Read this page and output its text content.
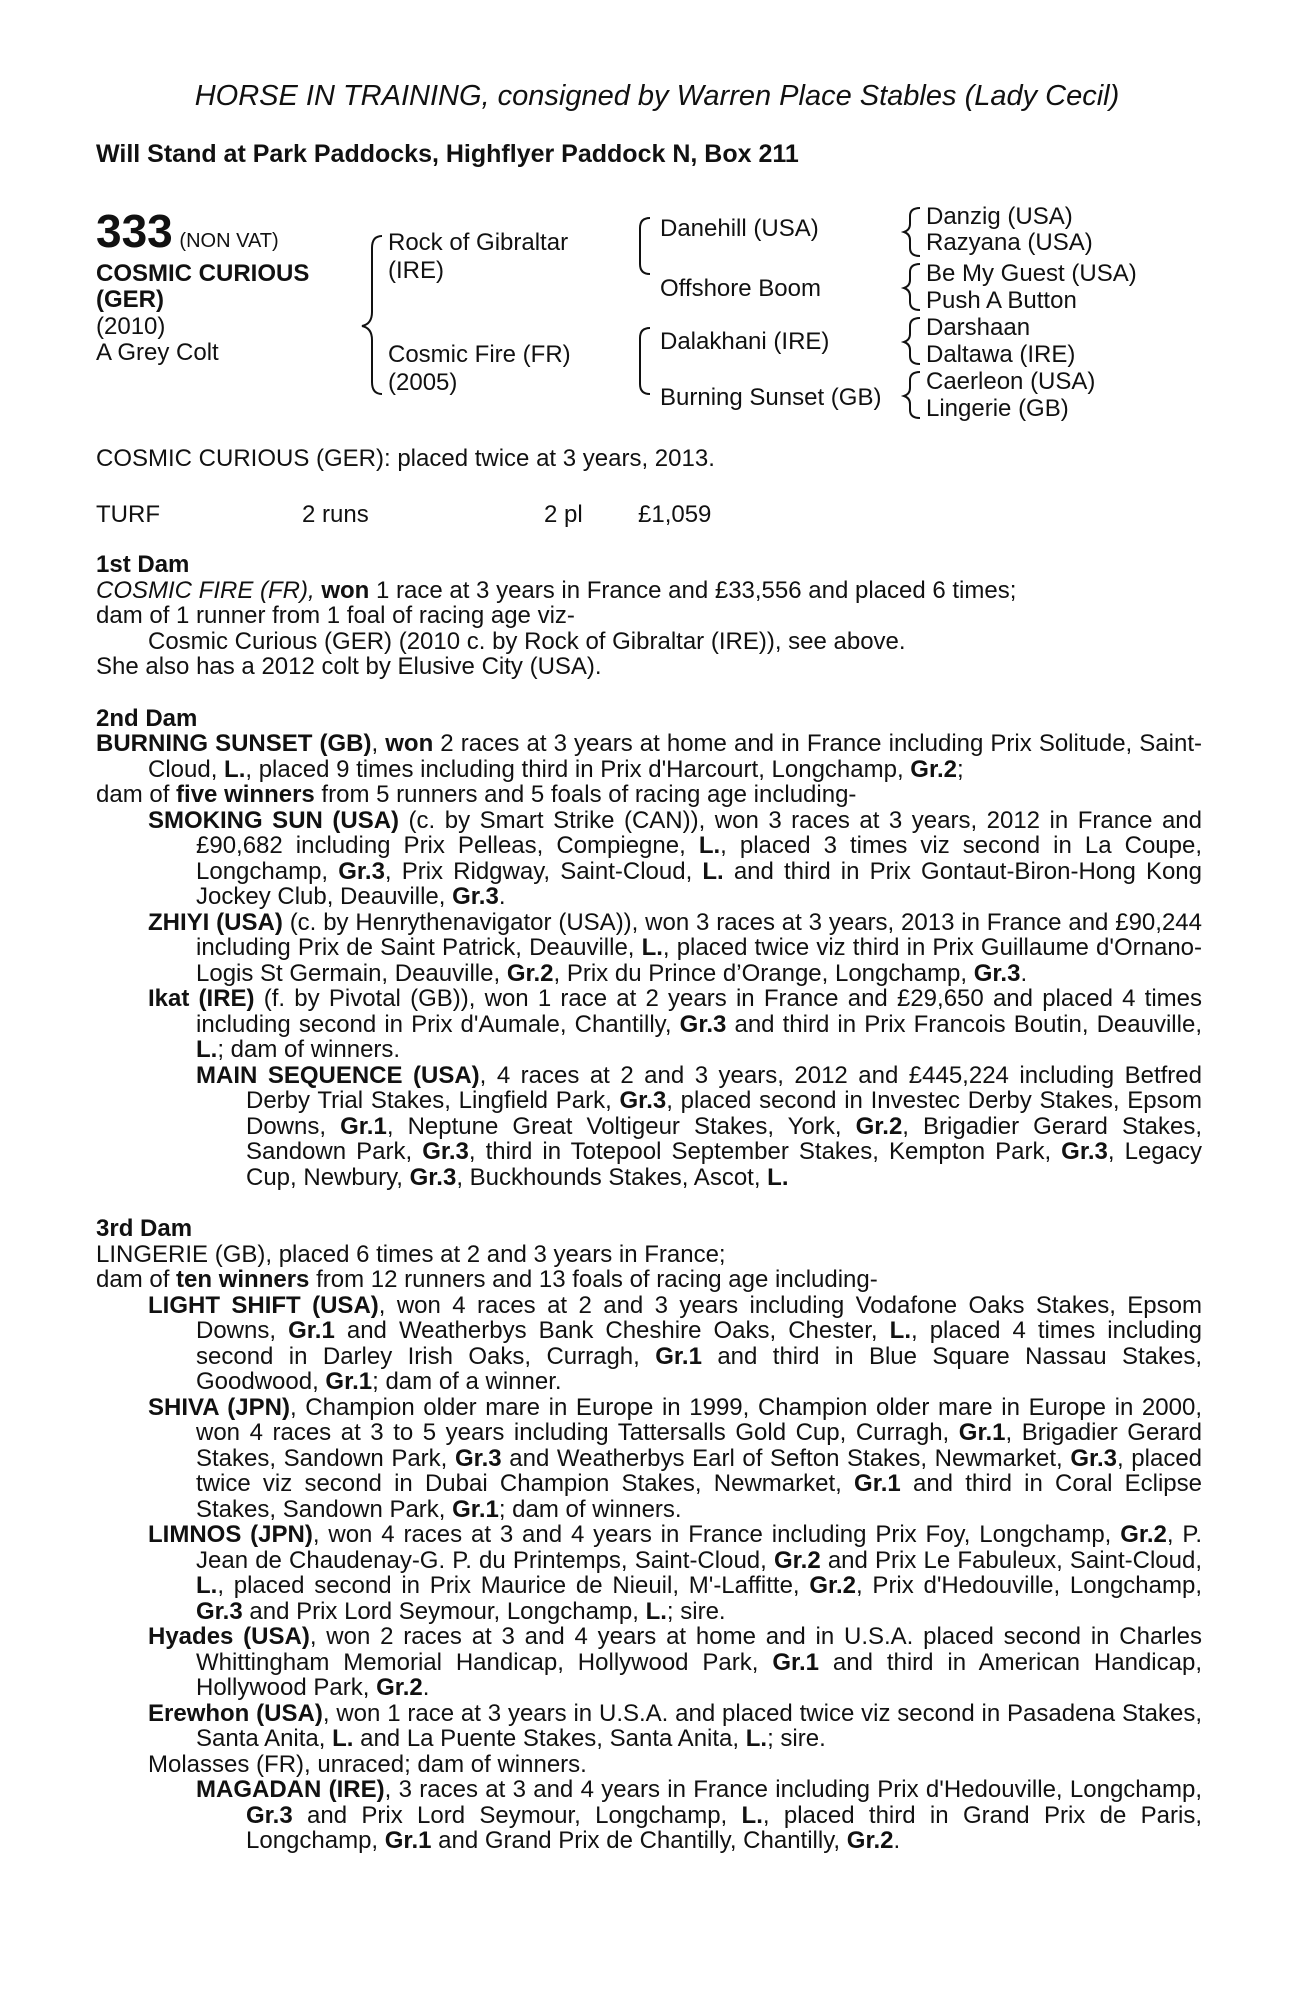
HORSE IN TRAINING, consigned by Warren Place Stables (Lady Cecil)
Will Stand at Park Paddocks, Highflyer Paddock N, Box 211
333 (NON VAT)
COSMIC CURIOUS
(GER)
(2010)
A Grey Colt
Rock of Gibraltar
(IRE)
Cosmic Fire (FR)
(2005)
Danehill (USA)
Offshore Boom
Dalakhani (IRE)
Burning Sunset (GB)
Danzig (USA)
Razyana (USA)
Be My Guest (USA)
Push A Button
Darshaan
Daltawa (IRE)
Caerleon (USA)
Lingerie (GB)
COSMIC CURIOUS (GER): placed twice at 3 years, 2013.
TURF	2 runs	2 pl £1,059
1st Dam
COSMIC FIRE (FR), won 1 race at 3 years in France and £33,556 and placed 6 times;
dam of 1 runner from 1 foal of racing age viz-
Cosmic Curious (GER) (2010 c. by Rock of Gibraltar (IRE)), see above.
She also has a 2012 colt by Elusive City (USA).
2nd Dam
BURNING SUNSET (GB), won 2 races at 3 years at home and in France including Prix Solitude, Saint-Cloud, L., placed 9 times including third in Prix d'Harcourt, Longchamp, Gr.2;
dam of five winners from 5 runners and 5 foals of racing age including-
SMOKING SUN (USA) (c. by Smart Strike (CAN)), won 3 races at 3 years, 2012 in France and £90,682 including Prix Pelleas, Compiegne, L., placed 3 times viz second in La Coupe, Longchamp, Gr.3, Prix Ridgway, Saint-Cloud, L. and third in Prix Gontaut-Biron-Hong Kong Jockey Club, Deauville, Gr.3.
ZHIYI (USA) (c. by Henrythenavigator (USA)), won 3 races at 3 years, 2013 in France and £90,244 including Prix de Saint Patrick, Deauville, L., placed twice viz third in Prix Guillaume d'Ornano-Logis St Germain, Deauville, Gr.2, Prix du Prince d’Orange, Longchamp, Gr.3.
Ikat (IRE) (f. by Pivotal (GB)), won 1 race at 2 years in France and £29,650 and placed 4 times including second in Prix d'Aumale, Chantilly, Gr.3 and third in Prix Francois Boutin, Deauville, L.; dam of winners.
MAIN SEQUENCE (USA), 4 races at 2 and 3 years, 2012 and £445,224 including Betfred Derby Trial Stakes, Lingfield Park, Gr.3, placed second in Investec Derby Stakes, Epsom Downs, Gr.1, Neptune Great Voltigeur Stakes, York, Gr.2, Brigadier Gerard Stakes, Sandown Park, Gr.3, third in Totepool September Stakes, Kempton Park, Gr.3, Legacy Cup, Newbury, Gr.3, Buckhounds Stakes, Ascot, L.
3rd Dam
LINGERIE (GB), placed 6 times at 2 and 3 years in France;
dam of ten winners from 12 runners and 13 foals of racing age including-
LIGHT SHIFT (USA), won 4 races at 2 and 3 years including Vodafone Oaks Stakes, Epsom Downs, Gr.1 and Weatherbys Bank Cheshire Oaks, Chester, L., placed 4 times including second in Darley Irish Oaks, Curragh, Gr.1 and third in Blue Square Nassau Stakes, Goodwood, Gr.1; dam of a winner.
SHIVA (JPN), Champion older mare in Europe in 1999, Champion older mare in Europe in 2000, won 4 races at 3 to 5 years including Tattersalls Gold Cup, Curragh, Gr.1, Brigadier Gerard Stakes, Sandown Park, Gr.3 and Weatherbys Earl of Sefton Stakes, Newmarket, Gr.3, placed twice viz second in Dubai Champion Stakes, Newmarket, Gr.1 and third in Coral Eclipse Stakes, Sandown Park, Gr.1; dam of winners.
LIMNOS (JPN), won 4 races at 3 and 4 years in France including Prix Foy, Longchamp, Gr.2, P. Jean de Chaudenay-G. P. du Printemps, Saint-Cloud, Gr.2 and Prix Le Fabuleux, Saint-Cloud, L., placed second in Prix Maurice de Nieuil, M'-Laffitte, Gr.2, Prix d'Hedouville, Longchamp, Gr.3 and Prix Lord Seymour, Longchamp, L.; sire.
Hyades (USA), won 2 races at 3 and 4 years at home and in U.S.A. placed second in Charles Whittingham Memorial Handicap, Hollywood Park, Gr.1 and third in American Handicap, Hollywood Park, Gr.2.
Erewhon (USA), won 1 race at 3 years in U.S.A. and placed twice viz second in Pasadena Stakes, Santa Anita, L. and La Puente Stakes, Santa Anita, L.; sire.
Molasses (FR), unraced; dam of winners.
MAGADAN (IRE), 3 races at 3 and 4 years in France including Prix d'Hedouville, Longchamp, Gr.3 and Prix Lord Seymour, Longchamp, L., placed third in Grand Prix de Paris, Longchamp, Gr.1 and Grand Prix de Chantilly, Chantilly, Gr.2.
